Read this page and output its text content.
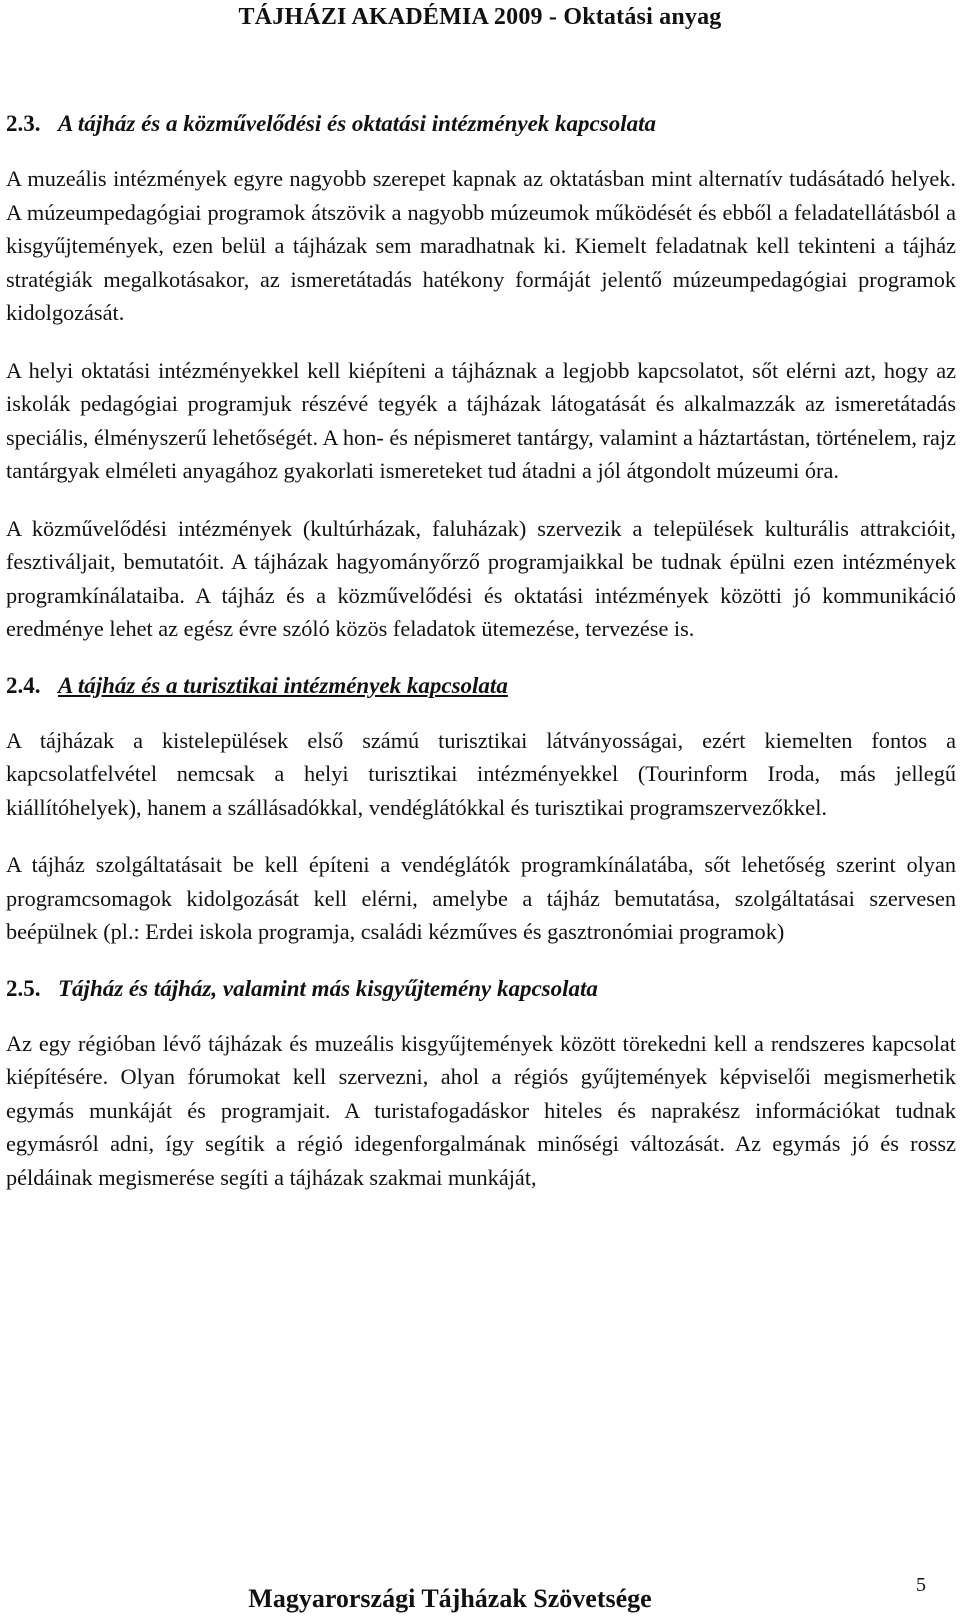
TÁJHÁZI AKADÉMIA 2009 - Oktatási anyag
2.3. A tájház és a közművelődési és oktatási intézmények kapcsolata

A muzeális intézmények egyre nagyobb szerepet kapnak az oktatásban mint alternatív tudásátadó helyek. A múzeumpedagógiai programok átszövik a nagyobb múzeumok működését és ebből a feladatellátásból a kisgyűjtemények, ezen belül a tájházak sem maradhatnak ki. Kiemelt feladatnak kell tekinteni a tájház stratégiák megalkotásakor, az ismeretátadás hatékony formáját jelentő múzeumpedagógiai programok kidolgozását.

A helyi oktatási intézményekkel kell kiépíteni a tájháznak a legjobb kapcsolatot, sőt elérni azt, hogy az iskolák pedagógiai programjuk részévé tegyék a tájházak látogatását és alkalmazzák az ismeretátadás speciális, élményszerű lehetőségét. A hon- és népismeret tantárgy, valamint a háztartástan, történelem, rajz tantárgyak elméleti anyagához gyakorlati ismereteket tud átadni a jól átgondolt múzeumi óra.

A közművelődési intézmények (kultúrházak, faluházak) szervezik a települések kulturális attrakcióit, fesztiváljait, bemutatóit. A tájházak hagyományőrző programjaikkal be tudnak épülni ezen intézmények programkínálataiba. A tájház és a közművelődési és oktatási intézmények közötti jó kommunikáció eredménye lehet az egész évre szóló közös feladatok ütemezése, tervezése is.

2.4. A tájház és a turisztikai intézmények kapcsolata

A tájházak a kistelepülések első számú turisztikai látványosságai, ezért kiemelten fontos a kapcsolatfelvétel nemcsak a helyi turisztikai intézményekkel (Tourinform Iroda, más jellegű kiállítóhelyek), hanem a szállásadókkal, vendéglátókkal és turisztikai programszervezőkkel.

A tájház szolgáltatásait be kell építeni a vendéglátók programkínálatába, sőt lehetőség szerint olyan programcsomagok kidolgozását kell elérni, amelybe a tájház bemutatása, szolgáltatásai szervesen beépülnek (pl.: Erdei iskola programja, családi kézműves és gasztronómiai programok)

2.5. Tájház és tájház, valamint más kisgyűjtemény kapcsolata

Az egy régióban lévő tájházak és muzeális kisgyűjtemények között törekedni kell a rendszeres kapcsolat kiépítésére. Olyan fórumokat kell szervezni, ahol a régiós gyűjtemények képviselői megismerhetik egymás munkáját és programjait. A turistafogadáskor hiteles és naprakész információkat tudnak egymásról adni, így segítik a régió idegenforgalmának minőségi változását. Az egymás jó és rossz példáinak megismerése segíti a tájházak szakmai munkáját,

Magyarországi Tájházak Szövetsége	5
